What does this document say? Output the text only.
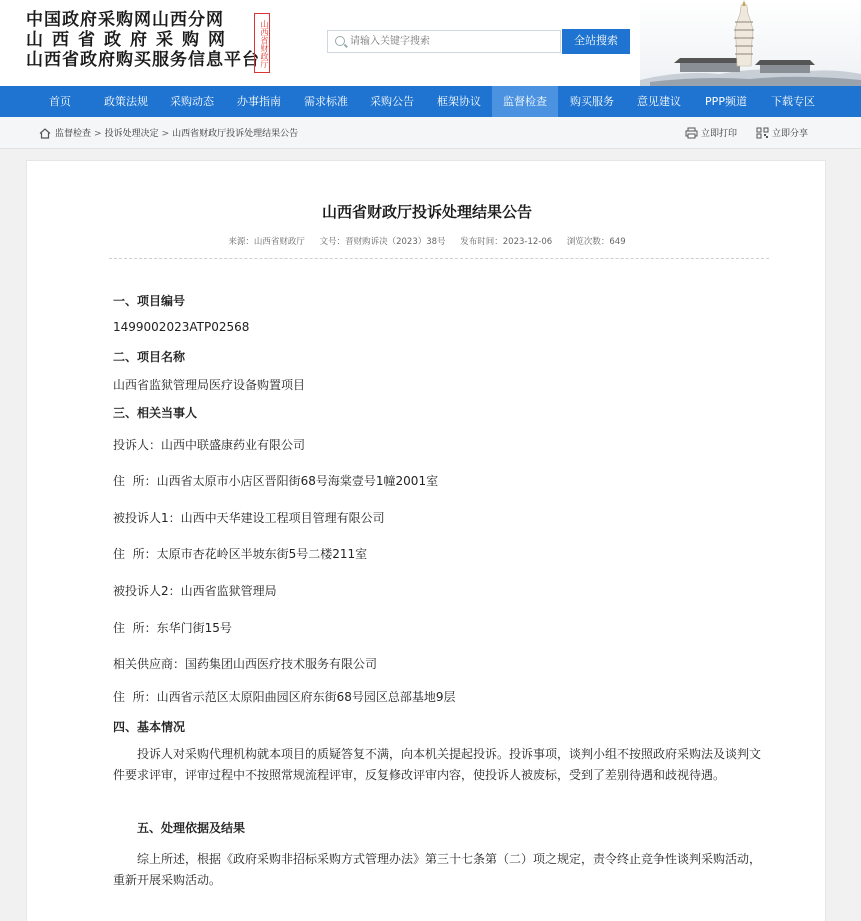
中国政府采购网山西分网
山西省政府采购网
山西省政府购买服务信息平台 山西省财政厅
请输入关键字搜索	全站搜索
首页	政策法规	采购动态	办事指南	需求标准	采购公告	框架协议	监督检查	购买服务	意见建议	PPP频道	下载专区
监督检查 > 投诉处理决定 > 山西省财政厅投诉处理结果公告	立即打印	立即分享
山西省财政厅投诉处理结果公告
来源：山西省财政厅 文号：晋财购诉决（2023）38号 发布时间：2023-12-06 浏览次数：649
一、项目编号
1499002023ATP02568
二、项目名称
山西省监狱管理局医疗设备购置项目
三、相关当事人
投诉人：山西中联盛康药业有限公司
住  所：山西省太原市小店区晋阳街68号海棠壹号1幢2001室
被投诉人1：山西中天华建设工程项目管理有限公司
住  所：太原市杏花岭区半坡东街5号二楼211室
被投诉人2：山西省监狱管理局
住  所：东华门街15号
相关供应商：国药集团山西医疗技术服务有限公司
住  所：山西省示范区太原阳曲园区府东街68号园区总部基地9层
四、基本情况
　　投诉人对采购代理机构就本项目的质疑答复不满，向本机关提起投诉。投诉事项，谈判小组不按照政府采购法及谈判文件要求评审，评审过程中不按照常规流程评审，反复修改评审内容，使投诉人被废标，受到了差别待遇和歧视待遇。
　　五、处理依据及结果
　　综上所述，根据《政府采购非招标采购方式管理办法》第三十七条第（二）项之规定，责令终止竞争性谈判采购活动，重新开展采购活动。
